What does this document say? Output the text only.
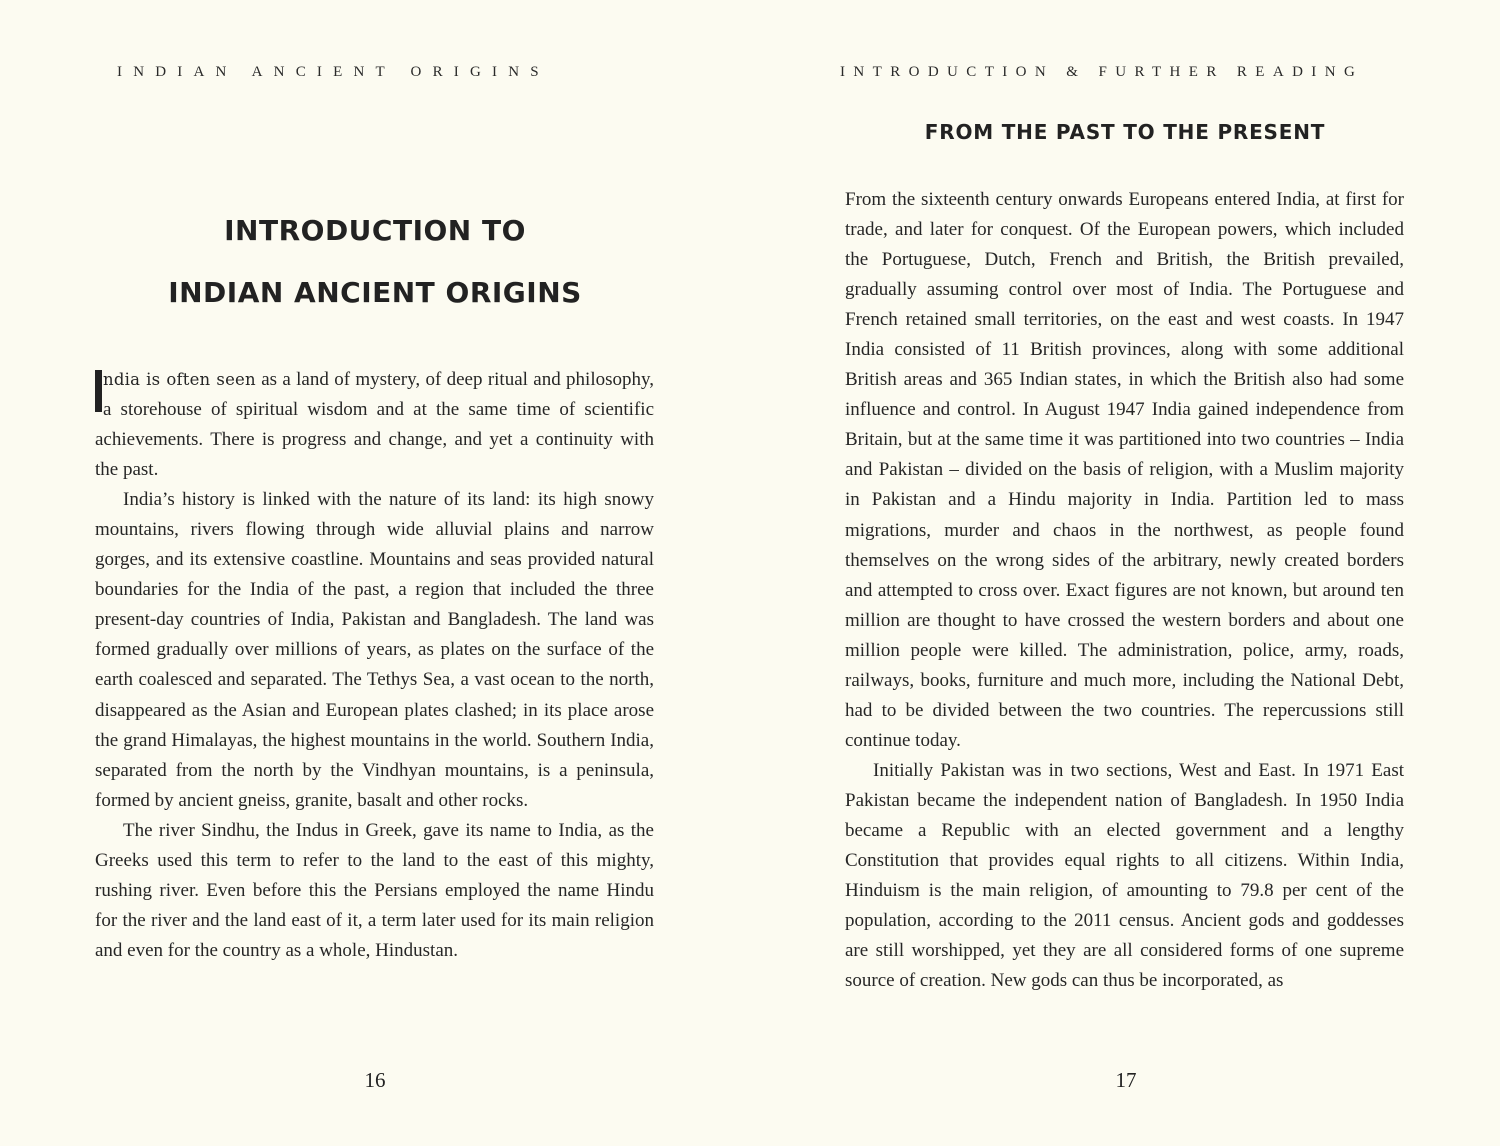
INDIAN ANCIENT ORIGINS
INTRODUCTION TO
INDIAN ANCIENT ORIGINS

ndia is often seen as a land of mystery, of deep ritual and philosophy, a storehouse of spiritual wisdom and at the same time of scientific achievements. There is progress and change, and yet a continuity with the past.

India’s history is linked with the nature of its land: its high snowy mountains, rivers flowing through wide alluvial plains and narrow gorges, and its extensive coastline. Mountains and seas provided natural boundaries for the India of the past, a region that included the three present-day countries of India, Pakistan and Bangladesh. The land was formed gradually over millions of years, as plates on the surface of the earth coalesced and separated. The Tethys Sea, a vast ocean to the north, disappeared as the Asian and European plates clashed; in its place arose the grand Himalayas, the highest mountains in the world. Southern India, separated from the north by the Vindhyan mountains, is a peninsula, formed by ancient gneiss, granite, basalt and other rocks.

The river Sindhu, the Indus in Greek, gave its name to India, as the Greeks used this term to refer to the land to the east of this mighty, rushing river. Even before this the Persians employed the name Hindu for the river and the land east of it, a term later used for its main religion and even for the country as a whole, Hindustan.

16
INTRODUCTION & FURTHER READING
FROM THE PAST TO THE PRESENT

From the sixteenth century onwards Europeans entered India, at first for trade, and later for conquest. Of the European powers, which included the Portuguese, Dutch, French and British, the British prevailed, gradually assuming control over most of India. The Portuguese and French retained small territories, on the east and west coasts. In 1947 India consisted of 11 British provinces, along with some additional British areas and 365 Indian states, in which the British also had some influence and control. In August 1947 India gained independence from Britain, but at the same time it was partitioned into two countries – India and Pakistan – divided on the basis of religion, with a Muslim majority in Pakistan and a Hindu majority in India. Partition led to mass migrations, murder and chaos in the northwest, as people found themselves on the wrong sides of the arbitrary, newly created borders and attempted to cross over. Exact figures are not known, but around ten million are thought to have crossed the western borders and about one million people were killed. The administration, police, army, roads, railways, books, furniture and much more, including the National Debt, had to be divided between the two countries. The repercussions still continue today.

Initially Pakistan was in two sections, West and East. In 1971 East Pakistan became the independent nation of Bangladesh. In 1950 India became a Republic with an elected government and a lengthy Constitution that provides equal rights to all citizens. Within India, Hinduism is the main religion, of amounting to 79.8 per cent of the population, according to the 2011 census. Ancient gods and goddesses are still worshipped, yet they are all considered forms of one supreme source of creation. New gods can thus be incorporated, as

17
